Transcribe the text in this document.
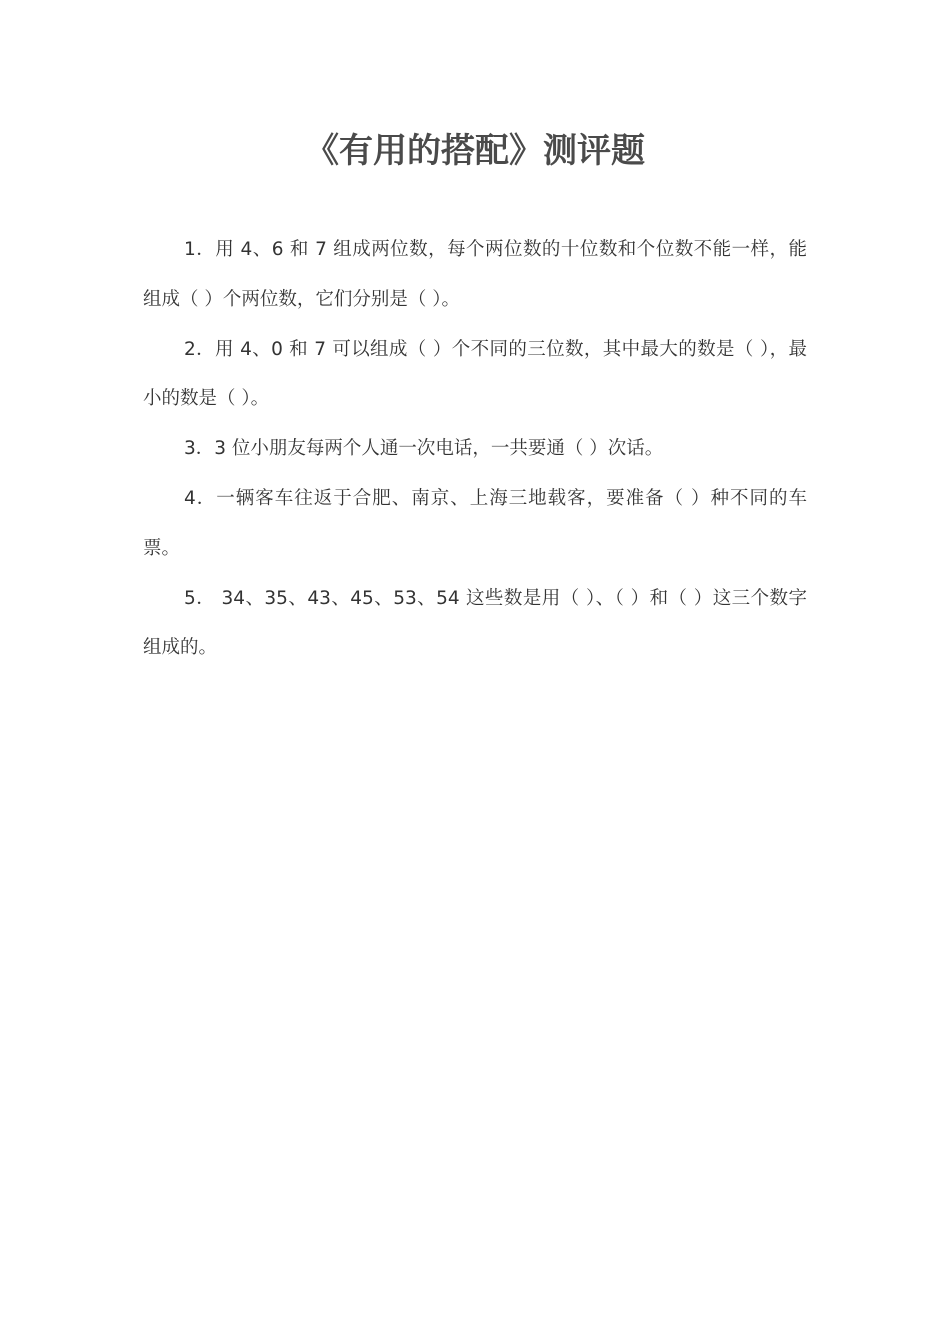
《有用的搭配》测评题

1．用 4、6 和 7 组成两位数，每个两位数的十位数和个位数不能一样，能组成（ ）个两位数，它们分别是（ ）。

2．用 4、0 和 7 可以组成（ ）个不同的三位数，其中最大的数是（ ），最小的数是（ ）。

3．3 位小朋友每两个人通一次电话，一共要通（ ）次话。

4．一辆客车往返于合肥、南京、上海三地载客，要准备（ ）种不同的车票。

5． 34、35、43、45、53、54 这些数是用（ ）、（ ）和（ ）这三个数字组成的。
